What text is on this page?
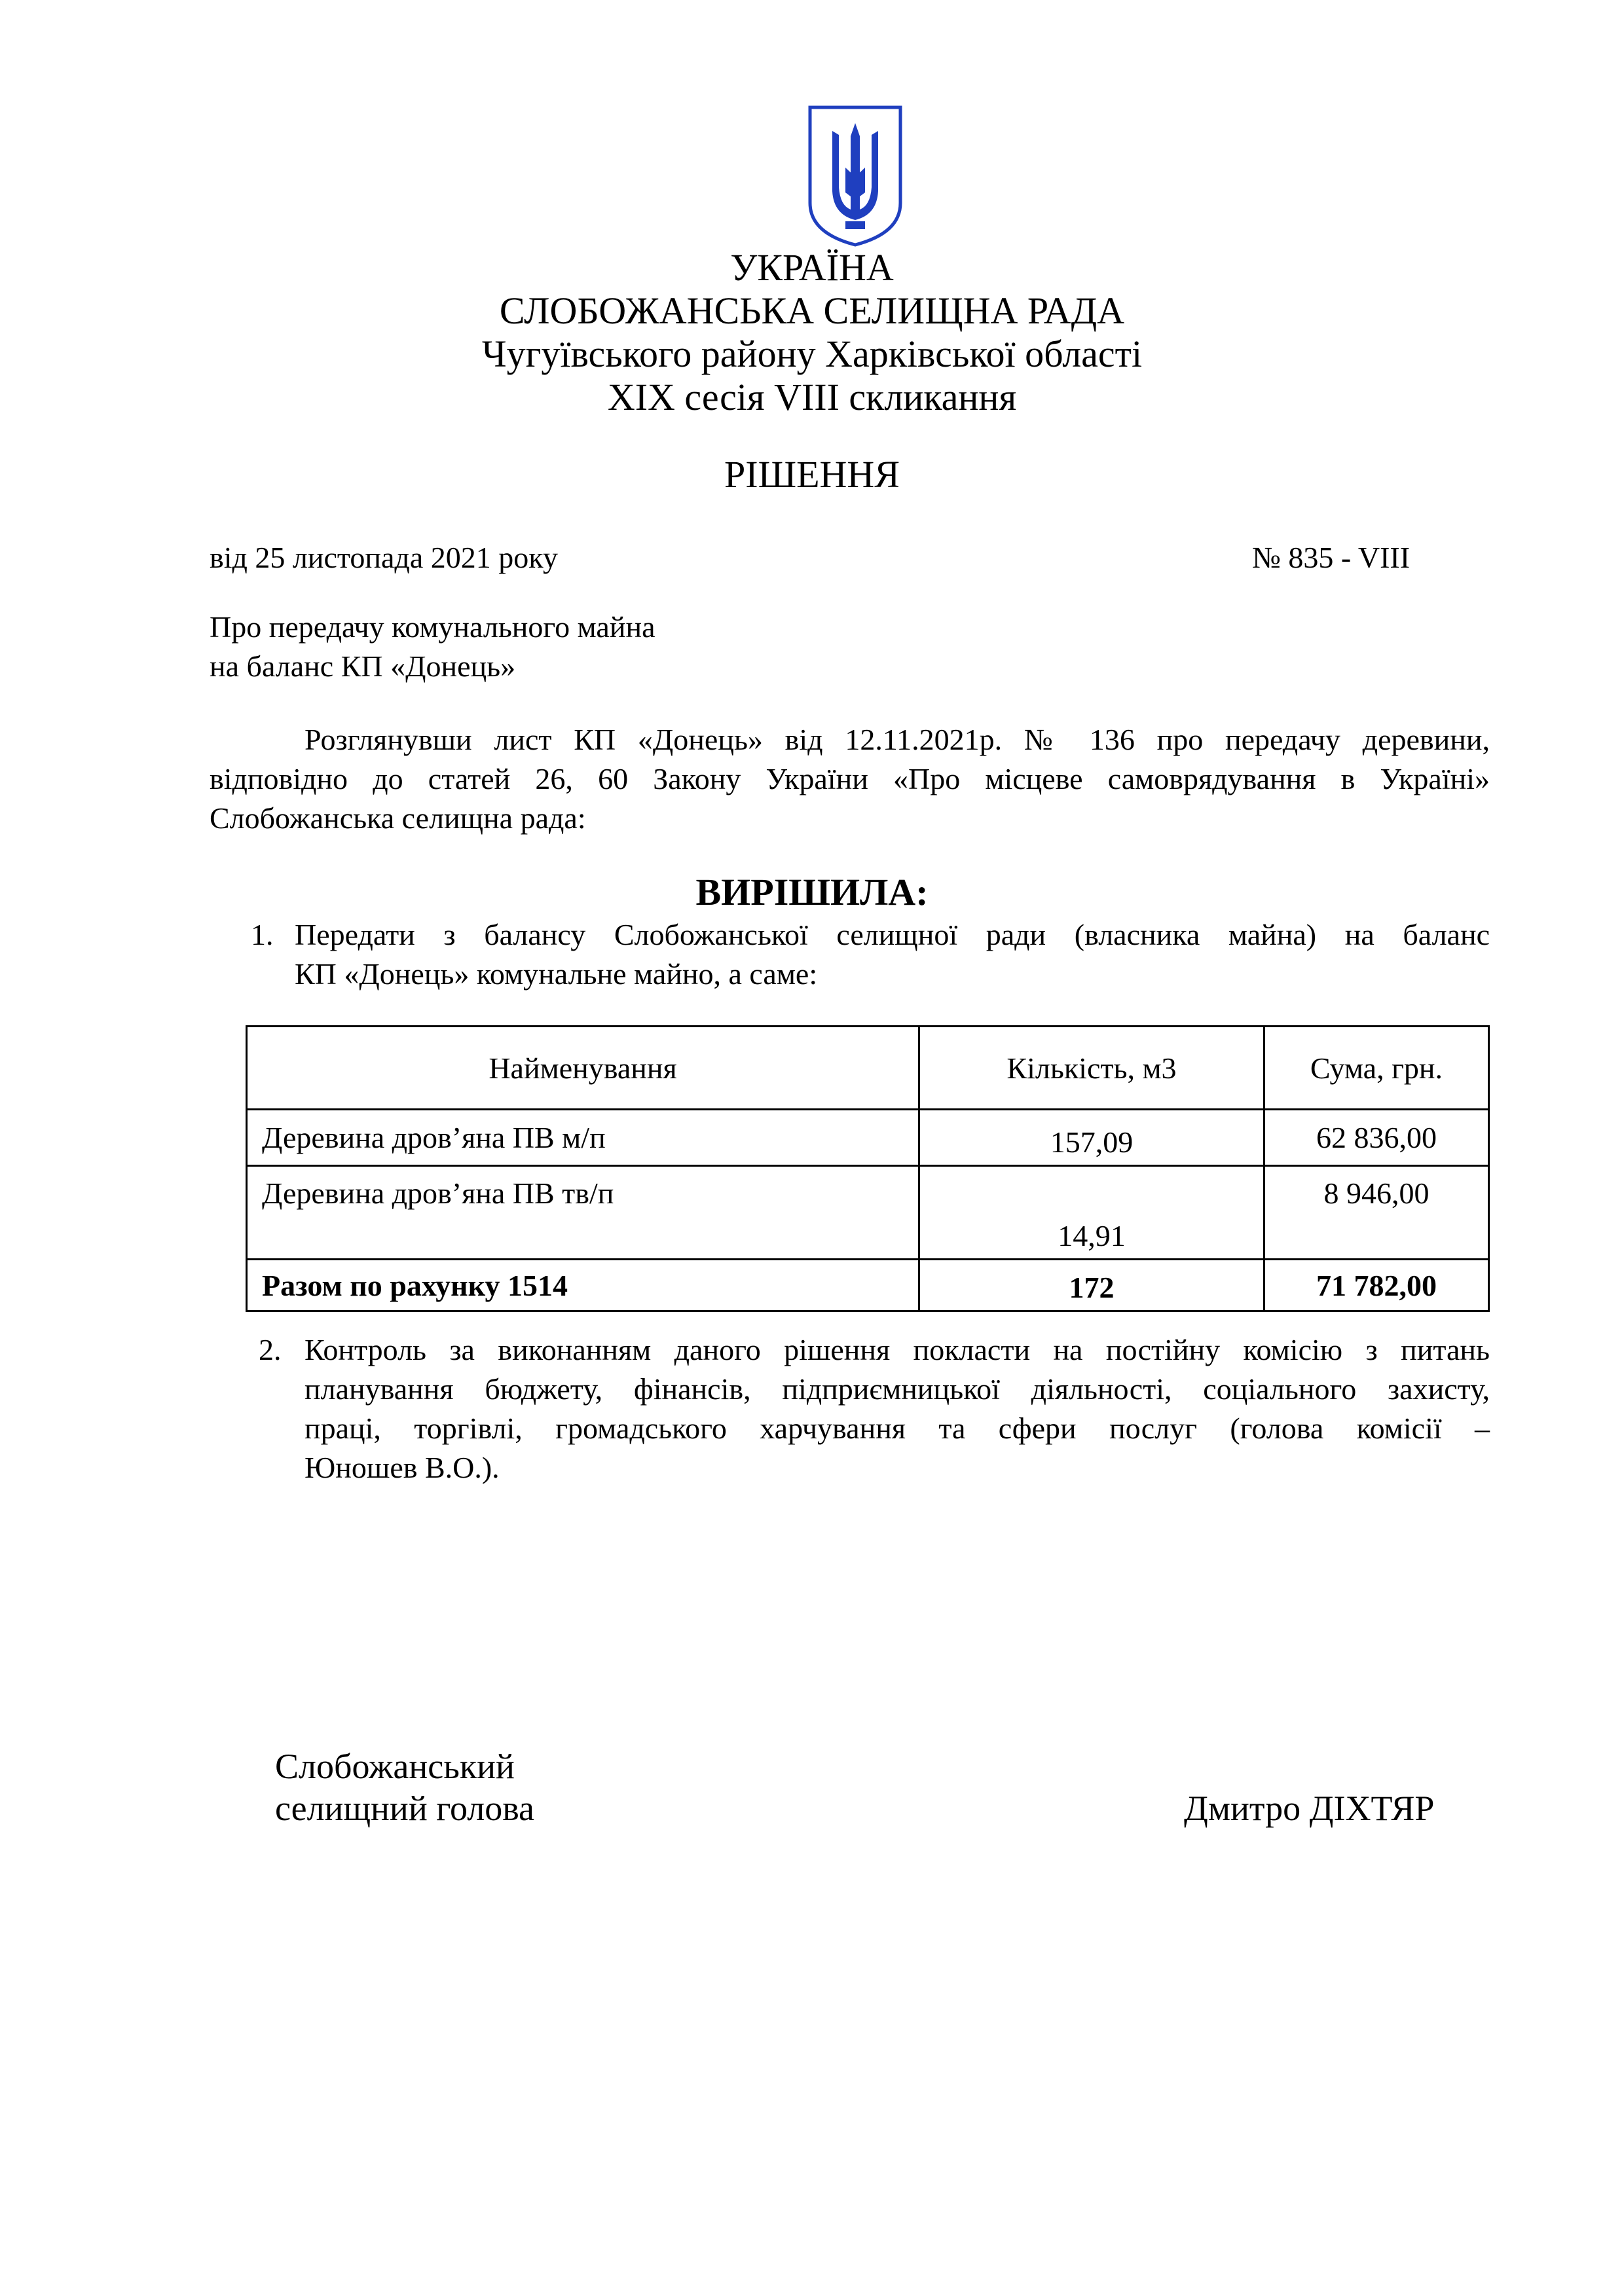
УКРАЇНА
СЛОБОЖАНСЬКА СЕЛИЩНА РАДА
Чугуївського району Харківської області
XIX сесія VIII скликання
РІШЕННЯ
від 25 листопада 2021 року	№ 835 - VIII
Про передачу комунального майна
на баланс КП «Донець»
Розглянувши лист КП «Донець» від 12.11.2021р. № 136 про передачу деревини,
відповідно до статей 26, 60 Закону України «Про місцеве самоврядування в Україні»
Слобожанська селищна рада:
ВИРІШИЛА:
1. Передати з балансу Слобожанської селищної ради (власника майна) на баланс
КП «Донець» комунальне майно, а саме:
Найменування	Кількість, м3	Сума, грн.
Деревина дров’яна ПВ м/п	157,09	62 836,00
Деревина дров’яна ПВ тв/п	14,91	8 946,00
Разом по рахунку 1514	172	71 782,00
2. Контроль за виконанням даного рішення покласти на постійну комісію з питань
планування бюджету, фінансів, підприємницької діяльності, соціального захисту,
праці, торгівлі, громадського харчування та сфери послуг (голова комісії –
Юношев В.О.).
Слобожанський
селищний голова	Дмитро ДІХТЯР
